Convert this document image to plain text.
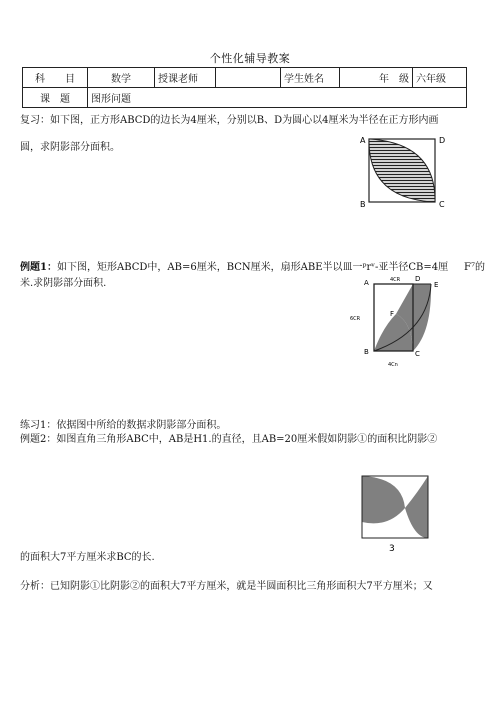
个性化辅导教案
科　　目	数学	授课老师		学生姓名	年　级	六年级
课　题	图形问题					
复习：如下图，正方形ABCD的边长为4厘米，分别以B、D为圆心以4厘米为半径在正方形内画
圆，求阴影部分面积。
A	D
B	C
例题1：如下图，矩形ABCD中，AB=6厘米，BCN厘米，扇形ABE半以皿一ᵖrᵛ-亚半径CB=4厘 F⁷的
米.求阴影部分面积.	A	D
E
F
B	C
4CR
6CR
4Cn
练习1：依据图中所给的数据求阴影部分面积。
例题2：如图直角三角形ABC中，AB是H1.的直径，且AB=20厘米假如阴影①的面积比阴影②
3
的面积大7平方厘米求BC的长.
分析：已知阴影①比阴影②的面积大7平方厘米，就是半圆面积比三角形面积大7平方厘米；又
